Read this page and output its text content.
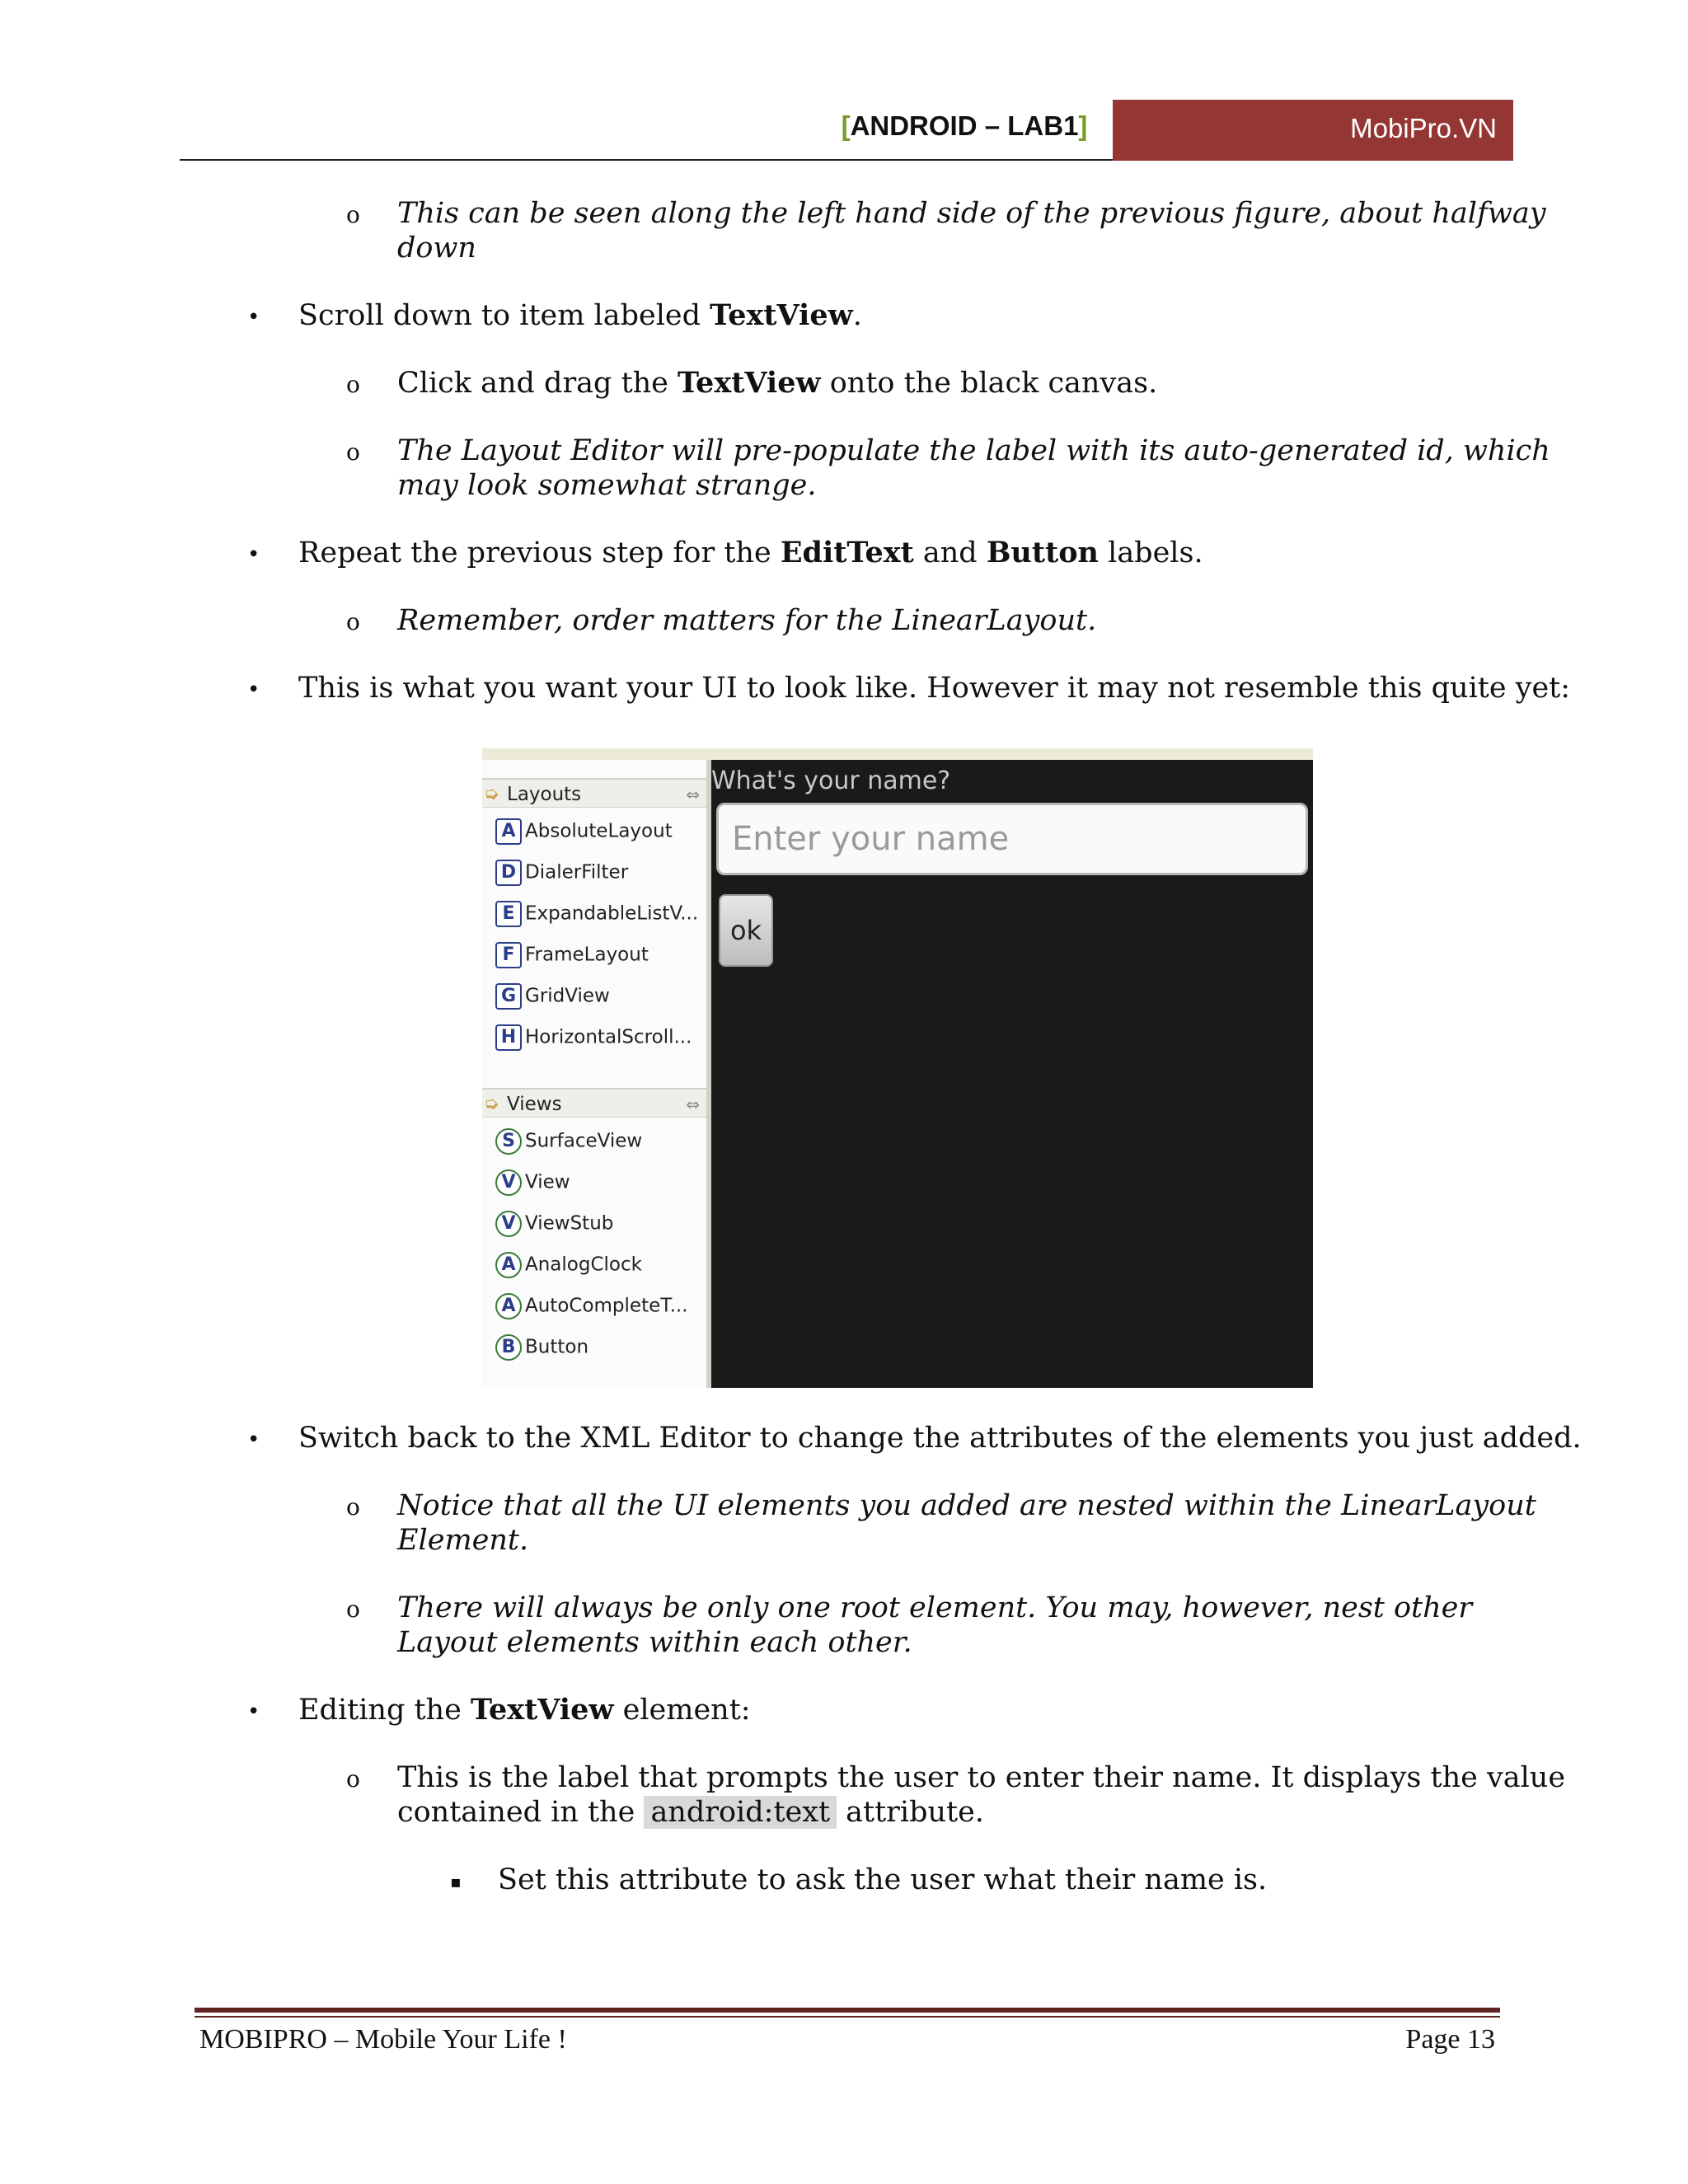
[ANDROID – LAB1]	MobiPro.VN
o This can be seen along the left hand side of the previous figure, about halfway
down
• Scroll down to item labeled TextView.
o Click and drag the TextView onto the black canvas.
o The Layout Editor will pre-populate the label with its auto-generated id, which
may look somewhat strange.
• Repeat the previous step for the EditText and Button labels.
o Remember, order matters for the LinearLayout.
• This is what you want your UI to look like. However it may not resemble this quite yet:
➭ Layouts	⇔
A AbsoluteLayout
D DialerFilter
E ExpandableListV...
F FrameLayout
G GridView
H HorizontalScroll...
➭ Views	⇔
S SurfaceView
V View
V ViewStub
A AnalogClock
A AutoCompleteT...
B Button
What's your name?
Enter your name
ok
• Switch back to the XML Editor to change the attributes of the elements you just added.
o Notice that all the UI elements you added are nested within the LinearLayout
Element.
o There will always be only one root element. You may, however, nest other
Layout elements within each other.
• Editing the TextView element:
o This is the label that prompts the user to enter their name. It displays the value
contained in the android:text attribute.
▪ Set this attribute to ask the user what their name is.
MOBIPRO – Mobile Your Life !	Page 13
